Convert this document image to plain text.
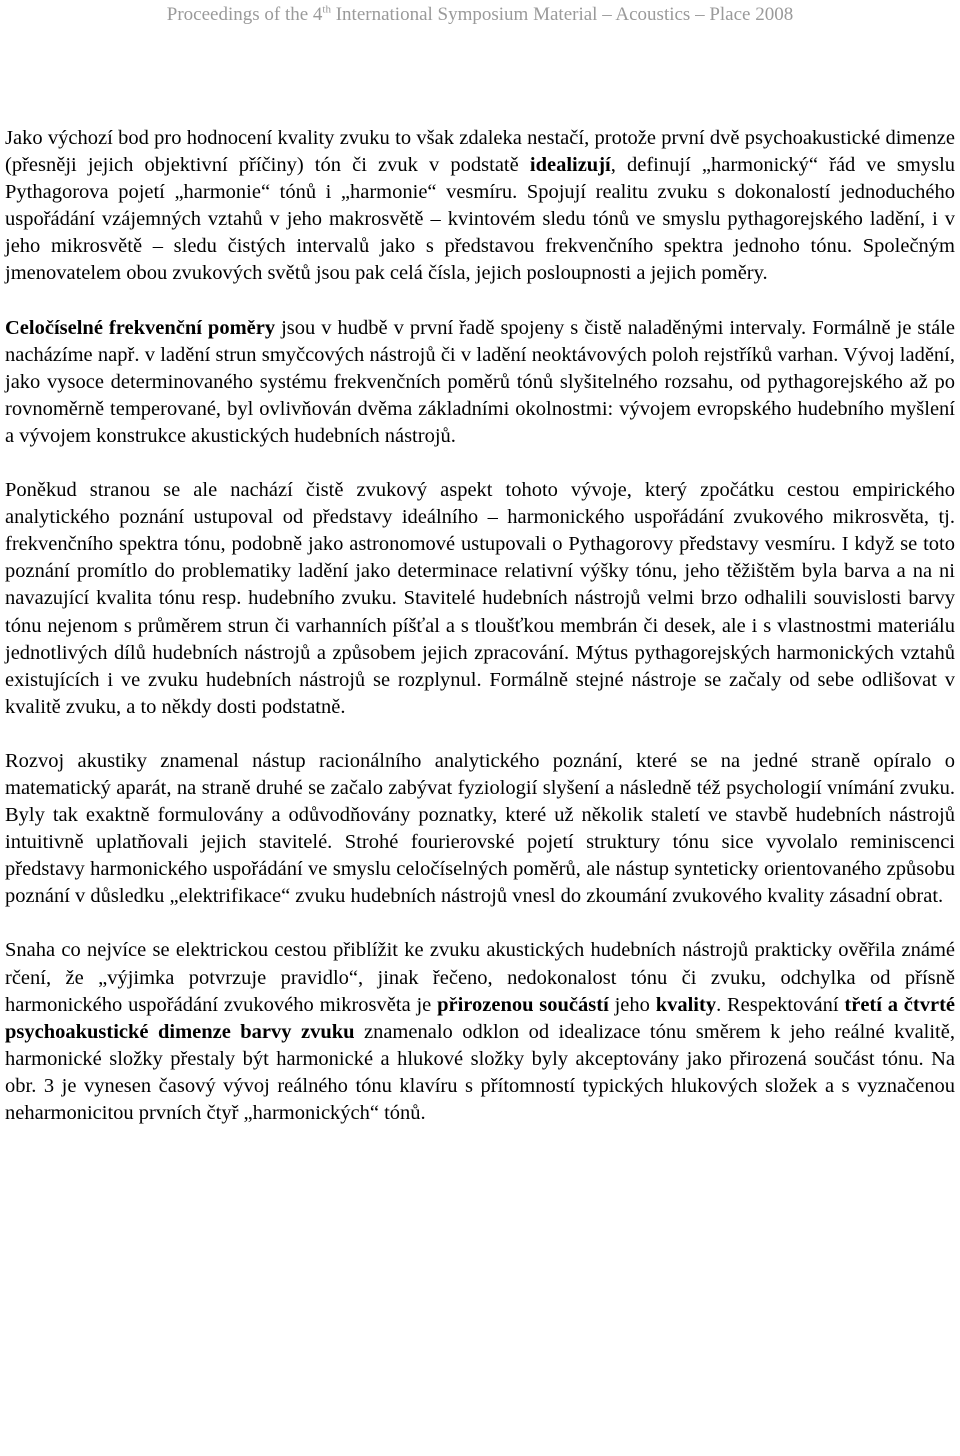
Proceedings of the 4th International Symposium Material – Acoustics – Place 2008

Jako výchozí bod pro hodnocení kvality zvuku to však zdaleka nestačí, protože první dvě psychoakustické dimenze (přesněji jejich objektivní příčiny) tón či zvuk v podstatě idealizují, definují „harmonický“ řád ve smyslu Pythagorova pojetí „harmonie“ tónů i „harmonie“ vesmíru. Spojují realitu zvuku s dokonalostí jednoduchého uspořádání vzájemných vztahů v jeho makrosvětě – kvintovém sledu tónů ve smyslu pythagorejského ladění, i v jeho mikrosvětě – sledu čistých intervalů jako s představou frekvenčního spektra jednoho tónu. Společným jmenovatelem obou zvukových světů jsou pak celá čísla, jejich posloupnosti a jejich poměry.

Celočíselné frekvenční poměry jsou v hudbě v první řadě spojeny s čistě naladěnými intervaly. Formálně je stále nacházíme např. v ladění strun smyčcových nástrojů či v ladění neoktávových poloh rejstříků varhan. Vývoj ladění, jako vysoce determinovaného systému frekvenčních poměrů tónů slyšitelného rozsahu, od pythagorejského až po rovnoměrně temperované, byl ovlivňován dvěma základními okolnostmi: vývojem evropského hudebního myšlení a vývojem konstrukce akustických hudebních nástrojů.

Poněkud stranou se ale nachází čistě zvukový aspekt tohoto vývoje, který zpočátku cestou empirického analytického poznání ustupoval od představy ideálního – harmonického uspořádání zvukového mikrosvěta, tj. frekvenčního spektra tónu, podobně jako astronomové ustupovali o Pythagorovy představy vesmíru. I když se toto poznání promítlo do problematiky ladění jako determinace relativní výšky tónu, jeho těžištěm byla barva a na ni navazující kvalita tónu resp. hudebního zvuku. Stavitelé hudebních nástrojů velmi brzo odhalili souvislosti barvy tónu nejenom s průměrem strun či varhanních píšťal a s tloušťkou membrán či desek, ale i s vlastnostmi materiálu jednotlivých dílů hudebních nástrojů a způsobem jejich zpracování. Mýtus pythagorejských harmonických vztahů existujících i ve zvuku hudebních nástrojů se rozplynul. Formálně stejné nástroje se začaly od sebe odlišovat v kvalitě zvuku, a to někdy dosti podstatně.

Rozvoj akustiky znamenal nástup racionálního analytického poznání, které se na jedné straně opíralo o matematický aparát, na straně druhé se začalo zabývat fyziologií slyšení a následně též psychologií vnímání zvuku. Byly tak exaktně formulovány a odůvodňovány poznatky, které už několik staletí ve stavbě hudebních nástrojů intuitivně uplatňovali jejich stavitelé. Strohé fourierovské pojetí struktury tónu sice vyvolalo reminiscenci představy harmonického uspořádání ve smyslu celočíselných poměrů, ale nástup synteticky orientovaného způsobu poznání v důsledku „elektrifikace“ zvuku hudebních nástrojů vnesl do zkoumání zvukového kvality zásadní obrat.

Snaha co nejvíce se elektrickou cestou přiblížit ke zvuku akustických hudebních nástrojů prakticky ověřila známé rčení, že „výjimka potvrzuje pravidlo“, jinak řečeno, nedokonalost tónu či zvuku, odchylka od přísně harmonického uspořádání zvukového mikrosvěta je přirozenou součástí jeho kvality. Respektování třetí a čtvrté psychoakustické dimenze barvy zvuku znamenalo odklon od idealizace tónu směrem k jeho reálné kvalitě, harmonické složky přestaly být harmonické a hlukové složky byly akceptovány jako přirozená součást tónu. Na obr. 3 je vynesen časový vývoj reálného tónu klavíru s přítomností typických hlukových složek a s vyznačenou neharmonicitou prvních čtyř „harmonických“ tónů.
